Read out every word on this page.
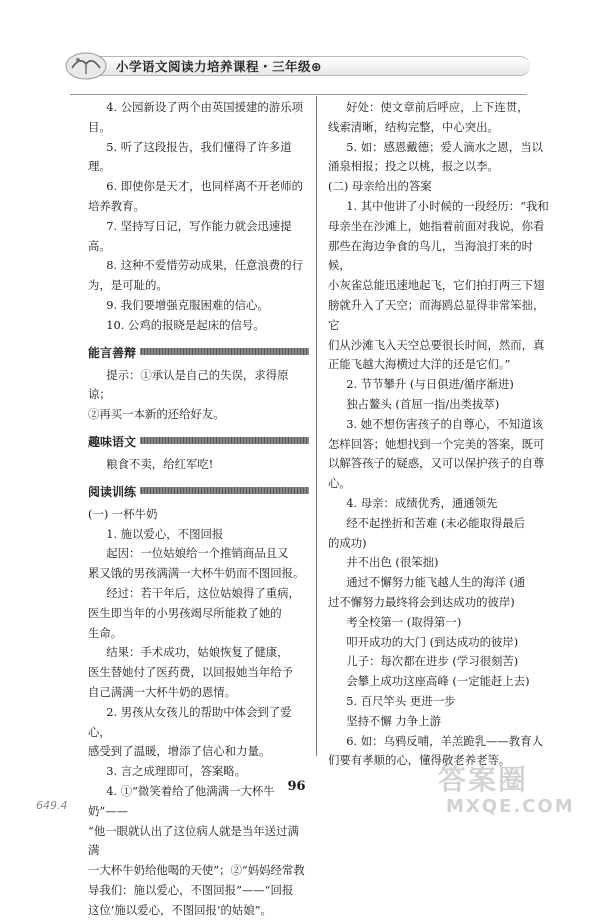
小学语文阅读力培养课程・三年级⊕

4. 公园新设了两个由英国援建的游乐项

目。

5. 听了这段报告，我们懂得了许多道理。

6. 即使你是天才，也同样离不开老师的

培养教育。

7. 坚持写日记，写作能力就会迅速提高。

8. 这种不爱惜劳动成果，任意浪费的行

为，是可耻的。

9. 我们要增强克服困难的信心。

10. 公鸡的报晓是起床的信号。

能言善辩

提示：①承认是自己的失误，求得原谅；

②再买一本新的还给好友。

趣味语文

粮食不卖，给红军吃!

阅读训练

(一) 一杯牛奶

1. 施以爱心，不图回报

起因：一位姑娘给一个推销商品且又

累又饿的男孩满满一大杯牛奶而不图回报。

经过：若干年后，这位姑娘得了重病，

医生即当年的小男孩竭尽所能救了她的

生命。

结果：手术成功，姑娘恢复了健康，

医生替她付了医药费，以回报她当年给予

自己满满一大杯牛奶的恩情。

2. 男孩从女孩儿的帮助中体会到了爱心，

感受到了温暖，增添了信心和力量。

3. 言之成理即可，答案略。

4. ①“微笑着给了他满满一大杯牛奶”——

“他一眼就认出了这位病人就是当年送过满满

一大杯牛奶给他喝的天使”；②“妈妈经常教

导我们：施以爱心，不图回报”——“回报

这位‘施以爱心，不图回报’的姑娘”。

好处：使文章前后呼应，上下连贯，

线索清晰，结构完整，中心突出。

5. 如：感恩戴德；爱人滴水之恩，当以

涌泉相报；投之以桃，报之以李。

(二) 母亲给出的答案

1. 其中他讲了小时候的一段经历：“我和

母亲坐在沙滩上，她指着前面对我说，你看

那些在海边争食的鸟儿，当海浪打来的时候，

小灰雀总能迅速地起飞，它们拍打两三下翅

膀就升入了天空；而海鸥总显得非常笨拙，它

们从沙滩飞入天空总要很长时间，然而，真

正能飞越大海横过大洋的还是它们。”

2. 节节攀升 (与日俱进/循序渐进)

独占鳌头 (首屈一指/出类拔萃)

3. 她不想伤害孩子的自尊心，不知道该

怎样回答；她想找到一个完美的答案，既可

以解答孩子的疑惑，又可以保护孩子的自尊心。

4. 母亲：成绩优秀，通通领先

经不起挫折和苦难 (未必能取得最后

的成功)

并不出色 (很笨拙)

通过不懈努力能飞越人生的海洋 (通

过不懈努力最终将会到达成功的彼岸)

考全校第一 (取得第一)

叩开成功的大门 (到达成功的彼岸)

儿子：每次都在进步 (学习很刻苦)

会攀上成功这座高峰 (一定能赶上去)

5. 百尺竿头 更进一步

坚持不懈 力争上游

6. 如：乌鸦反哺，羊羔跪乳——教育人

们要有孝顺的心，懂得敬老养老等。

96	答案圈
MXQE.COM
649.4
